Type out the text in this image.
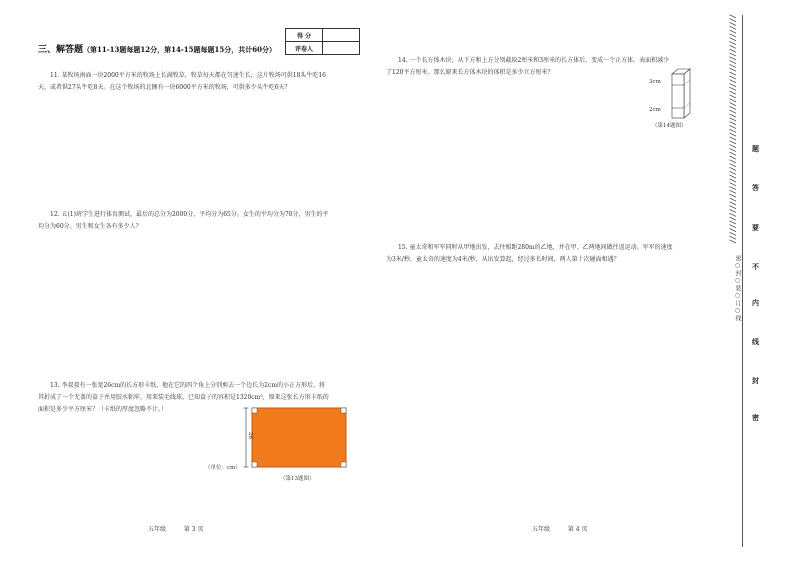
三、解答题（第11-13题每题12分，第14-15题每题15分，共计60分）
得 分	
评卷人	
11. 某牧场南面一块2000平方米的牧场上长满牧草，牧草每天都在匀速生长，这片牧场可供18头牛吃16
天，或者供27头牛吃8天。在这个牧场的北侧有一块6000平方米的牧场，可供多少头牛吃6天？
12. 五(1)班学生进行体育测试，最后的总分为2000分，平均分为65分。女生的平均分为70分，男生的平
均分为60分。男生和女生各有多少人？
13. 李叔叔有一张宽26cm的长方形卡纸，他在它的四个角上分别剪去一个边长为2cm的小正方形后，将
其折成了一个无盖的盒子并用胶水粘牢，用来装毛线球。已知盒子的容积是1320cm³，原来这张长方形卡纸的
面积是多少平方厘米？（卡纸的厚度忽略不计。）
26
（单位：cm）
（第13题图）
五年级	第 3 页
14. 一个长方体木块，从下方和上方分别截取2厘米和3厘米的长方体后，变成一个正方体，表面积减少
了120平方厘米。那么原来长方体木块的体积是多少立方厘米？
3cm
2cm
（第14题图）
15. 童太奇和军军同时从甲地出发，去往相距280m的乙地，并在甲、乙两地间做往返运动。军军的速度
为3米/秒，童太奇的速度为4米/秒，从出发算起，经过多长时间，两人第十次碰面相遇？
五年级	第 4 页
////////////////////////////////////////////////////////////
密○封○装○订○线
题
答
要
不
内
线
封
密
